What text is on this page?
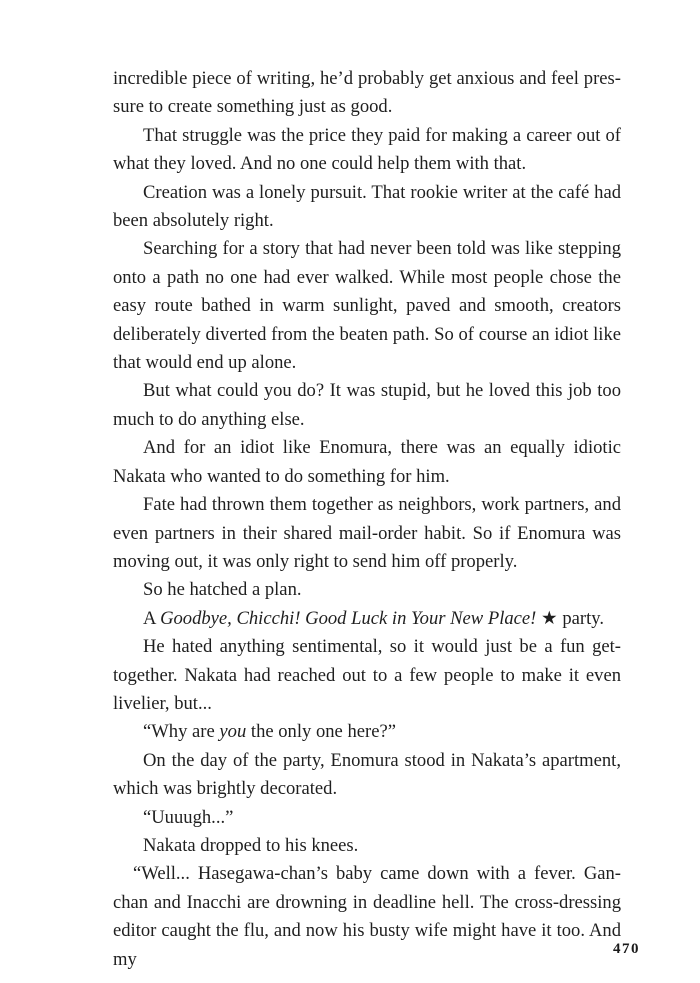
incredible piece of writing, he’d probably get anxious and feel pressure to create something just as good.

That struggle was the price they paid for making a career out of what they loved. And no one could help them with that.

Creation was a lonely pursuit. That rookie writer at the café had been absolutely right.

Searching for a story that had never been told was like stepping onto a path no one had ever walked. While most people chose the easy route bathed in warm sunlight, paved and smooth, creators deliberately diverted from the beaten path. So of course an idiot like that would end up alone.

But what could you do? It was stupid, but he loved this job too much to do anything else.

And for an idiot like Enomura, there was an equally idiotic Nakata who wanted to do something for him.

Fate had thrown them together as neighbors, work partners, and even partners in their shared mail-order habit. So if Enomura was moving out, it was only right to send him off properly.

So he hatched a plan.

A Goodbye, Chicchi! Good Luck in Your New Place! ★ party.

He hated anything sentimental, so it would just be a fun get-together. Nakata had reached out to a few people to make it even livelier, but...

“Why are you the only one here?”

On the day of the party, Enomura stood in Nakata’s apartment, which was brightly decorated.

“Uuuugh...”

Nakata dropped to his knees.

“Well... Hasegawa-chan’s baby came down with a fever. Gan-chan and Inacchi are drowning in deadline hell. The cross-dressing editor caught the flu, and now his busty wife might have it too. And my	470
